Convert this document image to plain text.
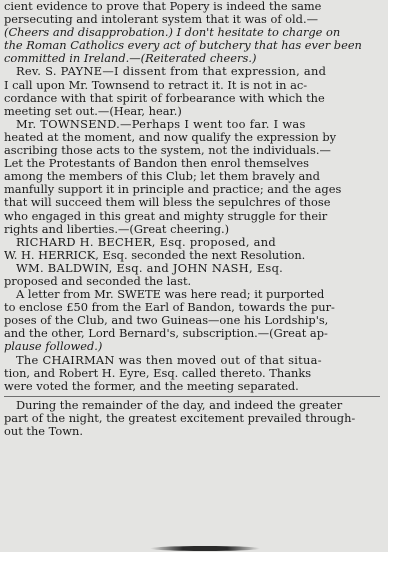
cient evidence to prove that Popery is indeed the same
persecuting and intolerant system that it was of old.—
(Cheers and disapprobation.) I don't hesitate to charge on
the Roman Catholics every act of butchery that has ever been
committed in Ireland.—(Reiterated cheers.)
Rev. S. PAYNE—I dissent from that expression, and
I call upon Mr. Townsend to retract it. It is not in ac-
cordance with that spirit of forbearance with which the
meeting set out.—(Hear, hear.)
Mr. TOWNSEND.—Perhaps I went too far. I was
heated at the moment, and now qualify the expression by
ascribing those acts to the system, not the individuals.—
Let the Protestants of Bandon then enrol themselves
among the members of this Club; let them bravely and
manfully support it in principle and practice; and the ages
that will succeed them will bless the sepulchres of those
who engaged in this great and mighty struggle for their
rights and liberties.—(Great cheering.)
RICHARD H. BECHER, Esq. proposed, and
W. H. HERRICK, Esq. seconded the next Resolution.
WM. BALDWIN, Esq. and JOHN NASH, Esq.
proposed and seconded the last.
A letter from Mr. SWETE was here read; it purported
to enclose £50 from the Earl of Bandon, towards the pur-
poses of the Club, and two Guineas—one his Lordship's,
and the other, Lord Bernard's, subscription.—(Great ap-
plause followed.)
The CHAIRMAN was then moved out of that situa-
tion, and Robert H. Eyre, Esq. called thereto. Thanks
were voted the former, and the meeting separated.
During the remainder of the day, and indeed the greater
part of the night, the greatest excitement prevailed through-
out the Town.
